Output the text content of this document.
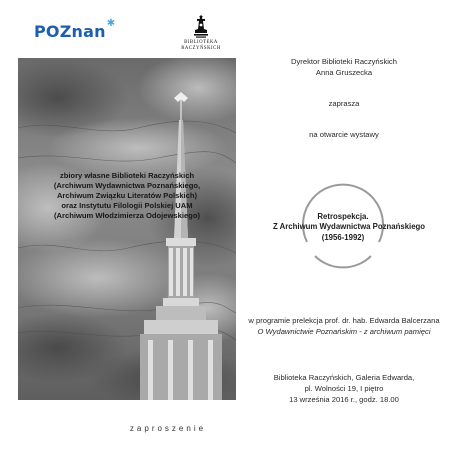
POZnan ✱
BIBLIOTEKA
RACZYŃSKICH
zbiory własne Biblioteki Raczyńskich
(Archiwum Wydawnictwa Poznańskiego,
Archiwum Związku Literatów Polskich)
oraz Instytutu Filologii Polskiej UAM
(Archiwum Włodzimierza Odojewskiego)
zaproszenie
Dyrektor Biblioteki Raczyńskich
Anna Gruszecka
zaprasza
na otwarcie wystawy
Retrospekcja.
Z Archiwum Wydawnictwa Poznańskiego
(1956-1992)
w programie prelekcja prof. dr. hab. Edwarda Balcerzana
O Wydawnictwie Poznańskim - z archiwum pamięci
Biblioteka Raczyńskich, Galeria Edwarda,
pl. Wolności 19, I piętro
13 września 2016 r., godz. 18.00
